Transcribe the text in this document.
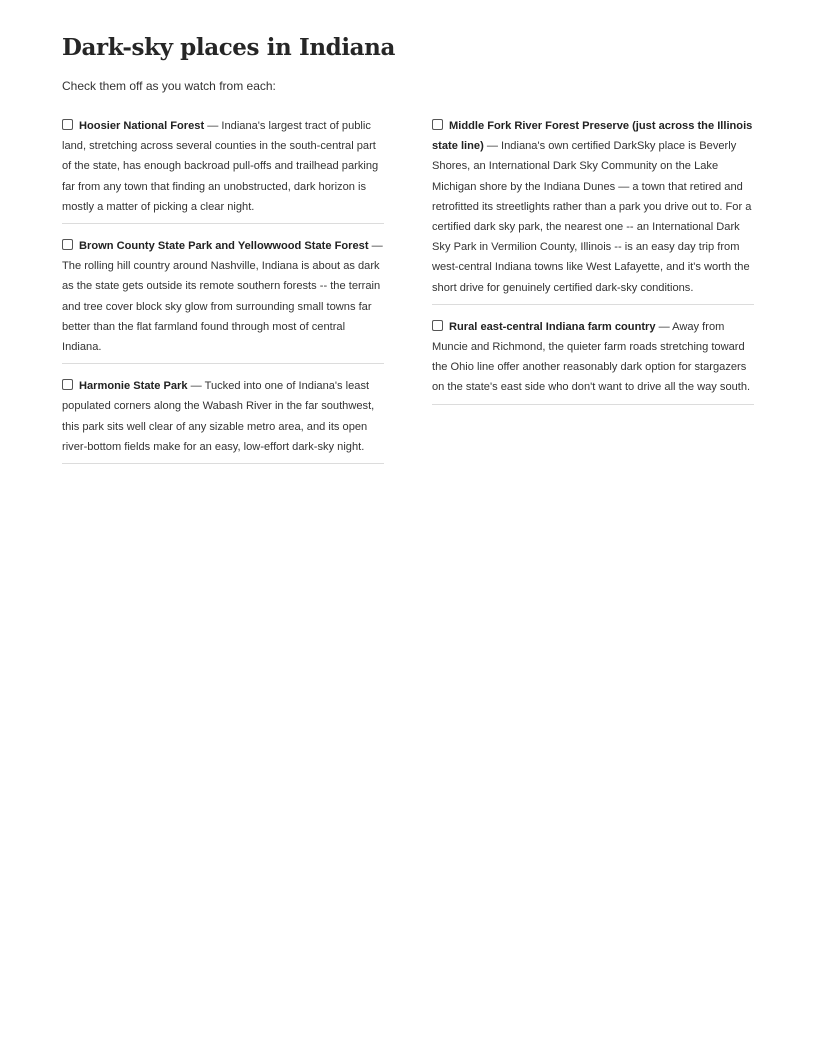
Dark-sky places in Indiana

Check them off as you watch from each:

Hoosier National Forest — Indiana's largest tract of public land, stretching across several counties in the south-central part of the state, has enough backroad pull-offs and trailhead parking far from any town that finding an unobstructed, dark horizon is mostly a matter of picking a clear night.
Brown County State Park and Yellowwood State Forest — The rolling hill country around Nashville, Indiana is about as dark as the state gets outside its remote southern forests -- the terrain and tree cover block sky glow from surrounding small towns far better than the flat farmland found through most of central Indiana.
Harmonie State Park — Tucked into one of Indiana's least populated corners along the Wabash River in the far southwest, this park sits well clear of any sizable metro area, and its open river-bottom fields make for an easy, low-effort dark-sky night.
Middle Fork River Forest Preserve (just across the Illinois state line) — Indiana's own certified DarkSky place is Beverly Shores, an International Dark Sky Community on the Lake Michigan shore by the Indiana Dunes — a town that retired and retrofitted its streetlights rather than a park you drive out to. For a certified dark sky park, the nearest one -- an International Dark Sky Park in Vermilion County, Illinois -- is an easy day trip from west-central Indiana towns like West Lafayette, and it's worth the short drive for genuinely certified dark-sky conditions.
Rural east-central Indiana farm country — Away from Muncie and Richmond, the quieter farm roads stretching toward the Ohio line offer another reasonably dark option for stargazers on the state's east side who don't want to drive all the way south.
